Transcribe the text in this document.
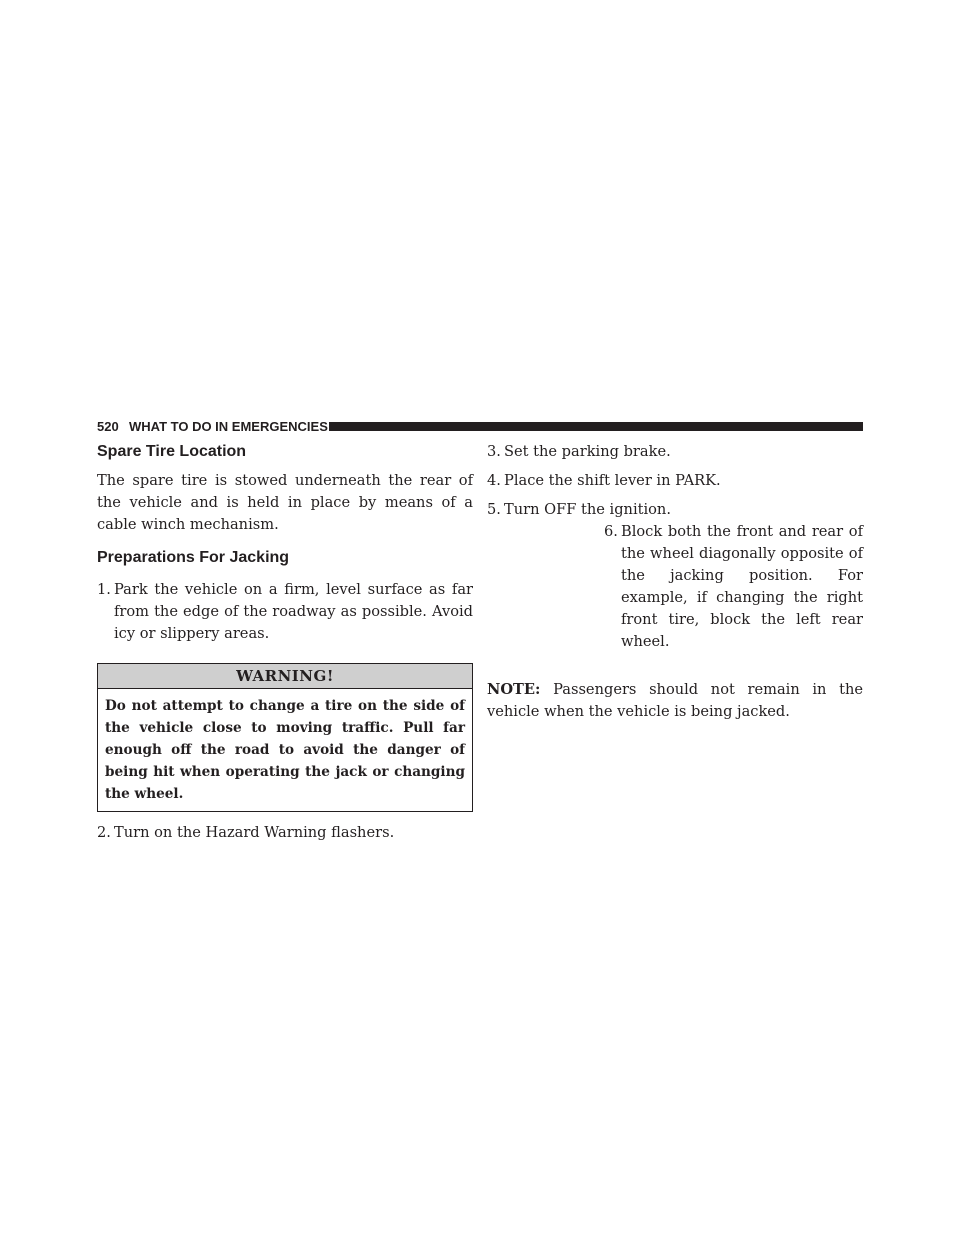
520 WHAT TO DO IN EMERGENCIES
Spare Tire Location

The spare tire is stowed underneath the rear of the vehicle and is held in place by means of a cable winch mechanism.

Preparations For Jacking
1. Park the vehicle on a firm, level surface as far from the edge of the roadway as possible. Avoid icy or slippery areas.
WARNING!
Do not attempt to change a tire on the side of the vehicle close to moving traffic. Pull far enough off the road to avoid the danger of being hit when operating the jack or changing the wheel.
2. Turn on the Hazard Warning flashers.
3. Set the parking brake.
4. Place the shift lever in PARK.
5. Turn OFF the ignition.
6. Block both the front and rear of the wheel diagonally opposite of the jacking position. For example, if changing the right front tire, block the left rear wheel.

NOTE: Passengers should not remain in the vehicle when the vehicle is being jacked.
